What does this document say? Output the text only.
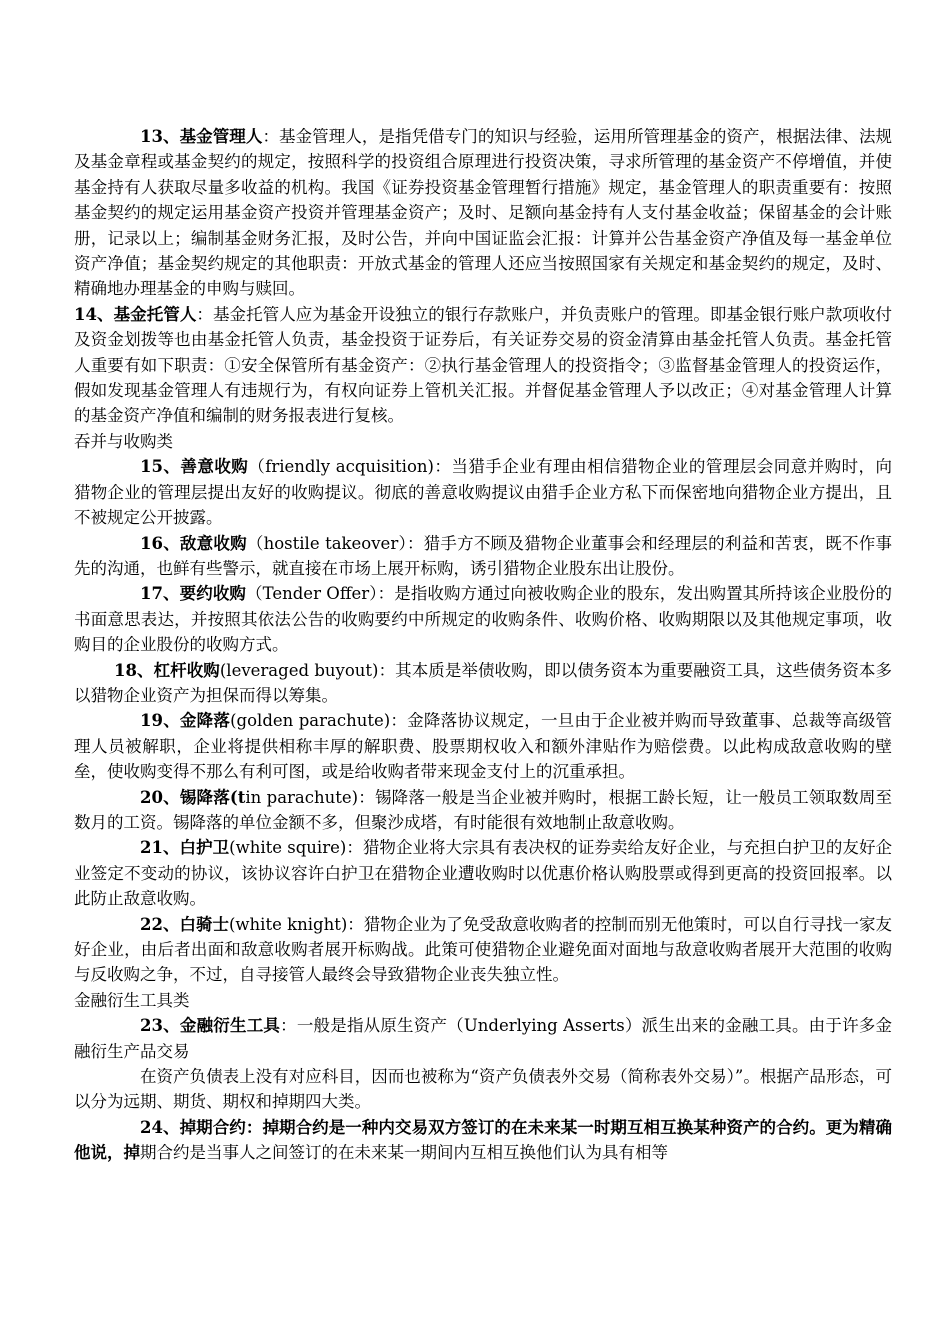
13、基金管理人：基金管理人，是指凭借专门的知识与经验，运用所管理基金的资产，根据法律、法规及基金章程或基金契约的规定，按照科学的投资组合原理进行投资决策，寻求所管理的基金资产不停增值，并使基金持有人获取尽量多收益的机构。我国《证券投资基金管理暂行措施》规定，基金管理人的职责重要有：按照基金契约的规定运用基金资产投资并管理基金资产；及时、足额向基金持有人支付基金收益；保留基金的会计账册，记录以上；编制基金财务汇报，及时公告，并向中国证监会汇报：计算并公告基金资产净值及每一基金单位资产净值；基金契约规定的其他职责：开放式基金的管理人还应当按照国家有关规定和基金契约的规定，及时、精确地办理基金的申购与赎回。

14、基金托管人：基金托管人应为基金开设独立的银行存款账户，并负责账户的管理。即基金银行账户款项收付及资金划拨等也由基金托管人负责，基金投资于证券后，有关证券交易的资金清算由基金托管人负责。基金托管人重要有如下职责：①安全保管所有基金资产：②执行基金管理人的投资指令；③监督基金管理人的投资运作，假如发现基金管理人有违规行为，有权向证券上管机关汇报。并督促基金管理人予以改正；④对基金管理人计算的基金资产净值和编制的财务报表进行复核。

吞并与收购类

15、善意收购（friendly acquisition)：当猎手企业有理由相信猎物企业的管理层会同意并购时，向猎物企业的管理层提出友好的收购提议。彻底的善意收购提议由猎手企业方私下而保密地向猎物企业方提出，且不被规定公开披露。

16、敌意收购（hostile takeover）：猎手方不顾及猎物企业董事会和经理层的利益和苦衷，既不作事先的沟通，也鲜有些警示，就直接在市场上展开标购，诱引猎物企业股东出让股份。

17、要约收购（Tender Offer）：是指收购方通过向被收购企业的股东，发出购置其所持该企业股份的书面意思表达，并按照其依法公告的收购要约中所规定的收购条件、收购价格、收购期限以及其他规定事项，收购目的企业股份的收购方式。

18、杠杆收购(leveraged buyout)：其本质是举债收购，即以债务资本为重要融资工具，这些债务资本多以猎物企业资产为担保而得以筹集。

19、金降落(golden parachute)：金降落协议规定，一旦由于企业被并购而导致董事、总裁等高级管理人员被解职，企业将提供相称丰厚的解职费、股票期权收入和额外津贴作为赔偿费。以此构成敌意收购的壁垒，使收购变得不那么有利可图，或是给收购者带来现金支付上的沉重承担。

20、锡降落(tin parachute)：锡降落一般是当企业被并购时，根据工龄长短，让一般员工领取数周至数月的工资。锡降落的单位金额不多，但聚沙成塔，有时能很有效地制止敌意收购。

21、白护卫(white squire)：猎物企业将大宗具有表决权的证券卖给友好企业，与充担白护卫的友好企业签定不变动的协议，该协议容许白护卫在猎物企业遭收购时以优惠价格认购股票或得到更高的投资回报率。以此防止敌意收购。

22、白骑士(white knight)：猎物企业为了免受敌意收购者的控制而别无他策时，可以自行寻找一家友好企业，由后者出面和敌意收购者展开标购战。此策可使猎物企业避免面对面地与敌意收购者展开大范围的收购与反收购之争，不过，自寻接管人最终会导致猎物企业丧失独立性。

金融衍生工具类

23、金融衍生工具：一般是指从原生资产（Underlying Asserts）派生出来的金融工具。由于许多金融衍生产品交易

在资产负债表上没有对应科目，因而也被称为“资产负债表外交易（简称表外交易）”。根据产品形态，可以分为远期、期货、期权和掉期四大类。

24、掉期合约：掉期合约是一种内交易双方签订的在未来某一时期互相互换某种资产的合约。更为精确他说，掉期合约是当事人之间签订的在未来某一期间内互相互换他们认为具有相等
